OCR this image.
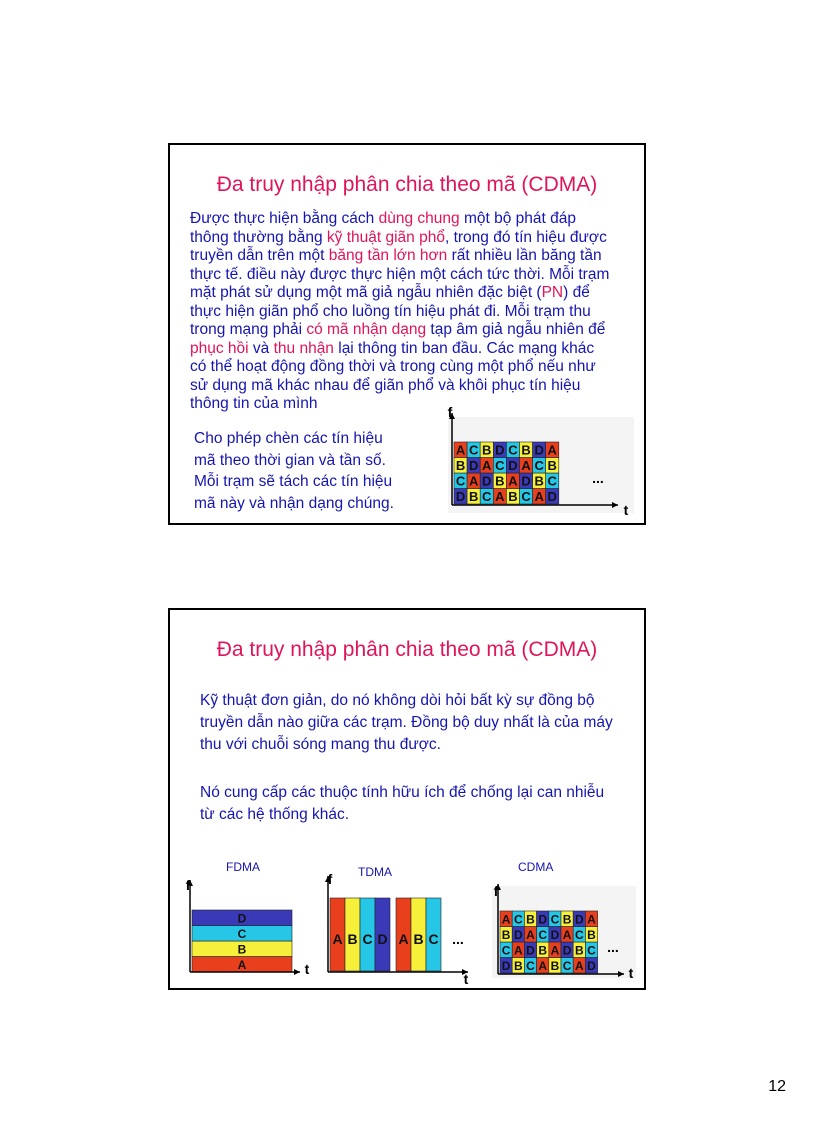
Đa truy nhập phân chia theo mã (CDMA)
Được thực hiện bằng cách dùng chung một bộ phát đáp
thông thường bằng kỹ thuật giãn phổ, trong đó tín hiệu được
truyền dẫn trên một băng tần lớn hơn rất nhiều lần băng tần
thực tế. điều này được thực hiện một cách tức thời. Mỗi trạm
mặt phát sử dụng một mã giả ngẫu nhiên đặc biệt (PN) để
thực hiện giãn phổ cho luồng tín hiệu phát đi. Mỗi trạm thu
trong mạng phải có mã nhận dạng tạp âm giả ngẫu nhiên để
phục hồi và thu nhận lại thông tin ban đầu. Các mạng khác
có thể hoạt động đồng thời và trong cùng một phổ nếu như
sử dụng mã khác nhau để giãn phổ và khôi phục tín hiệu
thông tin của mình
Cho phép chèn các tín hiệu
mã theo thời gian và tần số.
Mỗi trạm sẽ tách các tín hiệu
mã này và nhận dạng chúng.	D B C A B C A D
C A D B A D B C
B D A C D A C B
A C B D C B D A
f
t
...
Đa truy nhập phân chia theo mã (CDMA)
Kỹ thuật đơn giản, do nó không dòi hỏi bất kỳ sự đồng bộ
truyền dẫn nào giữa các trạm. Đồng bộ duy nhất là của máy
thu với chuỗi sóng mang thu được.
Nó cung cấp các thuộc tính hữu ích để chống lại can nhiễu
từ các hệ thống khác.
FDMA	TDMA	CDMA
A
B
C
D
f
t
A B C D A B C
f
t
...
D B C A B C A D
C A D B A D B C
B D A C D A C B
A C B D C B D A
f
t
...
12
